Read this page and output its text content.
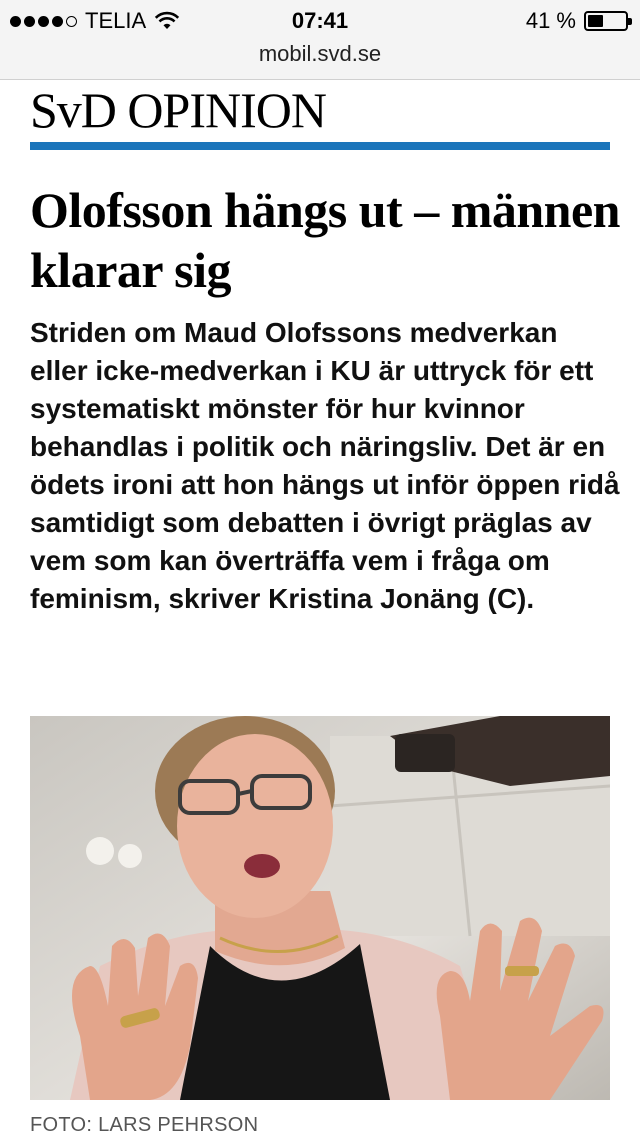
TELIA	07:41	41 %
mobil.svd.se
SvD OPINION
Olofsson hängs ut – männen klarar sig

Striden om Maud Olofssons medverkan eller icke-medverkan i KU är uttryck för ett systematiskt mönster för hur kvinnor behandlas i politik och näringsliv. Det är en ödets ironi att hon hängs ut inför öppen ridå samtidigt som debatten i övrigt präglas av vem som kan överträffa vem i fråga om feminism, skriver Kristina Jonäng (C).

FOTO: LARS PEHRSON
